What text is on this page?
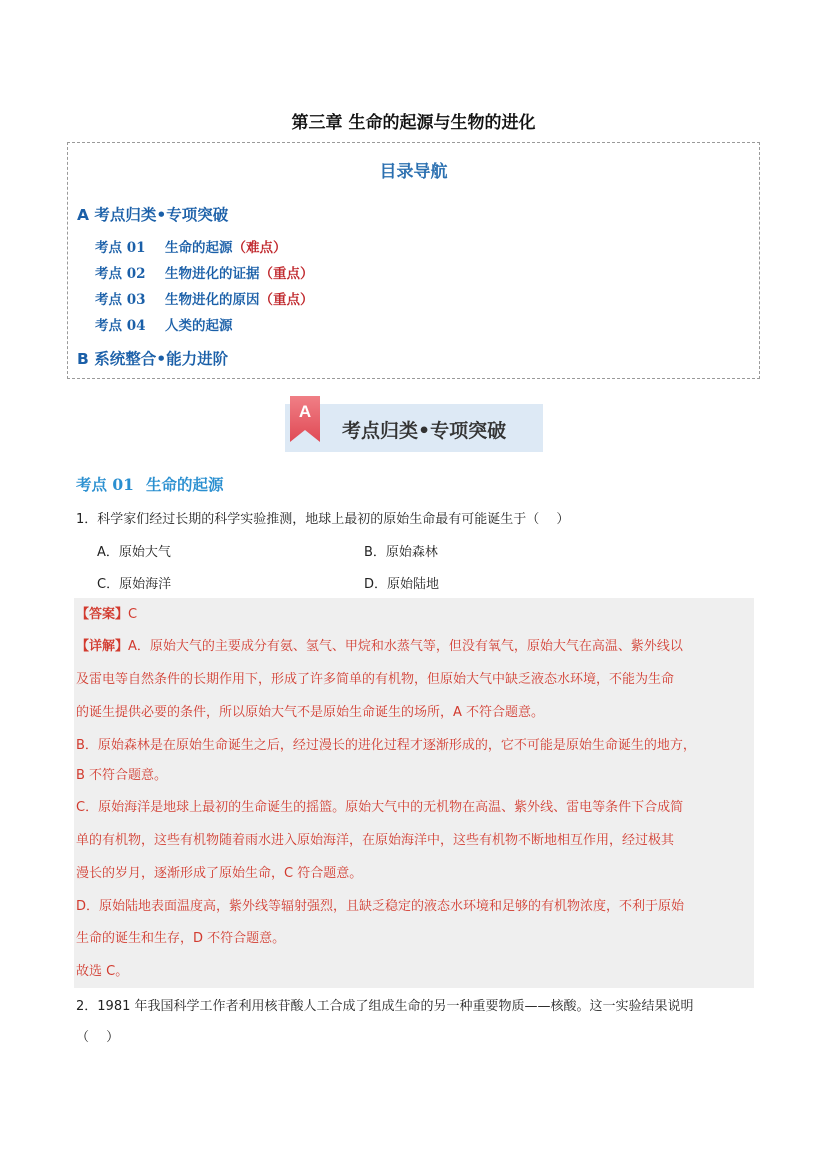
第三章 生命的起源与生物的进化
目录导航
A 考点归类•专项突破
考点 01 生命的起源（难点）
考点 02 生物进化的证据（重点）
考点 03 生物进化的原因（重点）
考点 04 人类的起源
B 系统整合•能力进阶
A
考点归类•专项突破
考点 01 生命的起源
1．科学家们经过长期的科学实验推测，地球上最初的原始生命最有可能诞生于（　 ）
A．原始大气	B．原始森林
C．原始海洋	D．原始陆地
【答案】C
【详解】A．原始大气的主要成分有氨、氢气、甲烷和水蒸气等，但没有氧气，原始大气在高温、紫外线以
及雷电等自然条件的长期作用下，形成了许多简单的有机物，但原始大气中缺乏液态水环境，不能为生命
的诞生提供必要的条件，所以原始大气不是原始生命诞生的场所，A 不符合题意。
B．原始森林是在原始生命诞生之后，经过漫长的进化过程才逐渐形成的，它不可能是原始生命诞生的地方，
B 不符合题意。
C．原始海洋是地球上最初的生命诞生的摇篮。原始大气中的无机物在高温、紫外线、雷电等条件下合成简
单的有机物，这些有机物随着雨水进入原始海洋，在原始海洋中，这些有机物不断地相互作用，经过极其
漫长的岁月，逐渐形成了原始生命，C 符合题意。
D．原始陆地表面温度高，紫外线等辐射强烈，且缺乏稳定的液态水环境和足够的有机物浓度，不利于原始
生命的诞生和生存，D 不符合题意。
故选 C。
2．1981 年我国科学工作者利用核苷酸人工合成了组成生命的另一种重要物质——核酸。这一实验结果说明
（　 ）
